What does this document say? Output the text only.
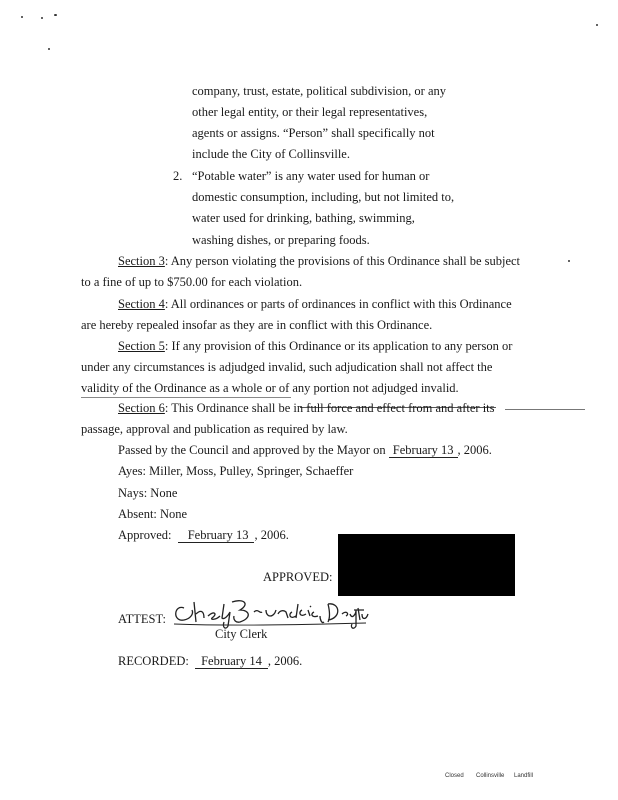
company, trust, estate, political subdivision, or any
other legal entity, or their legal representatives,
agents or assigns. “Person” shall specifically not
include the City of Collinsville.
2. “Potable water” is any water used for human or
domestic consumption, including, but not limited to,
water used for drinking, bathing, swimming,
washing dishes, or preparing foods.
Section 3: Any person violating the provisions of this Ordinance shall be subject
to a fine of up to $750.00 for each violation.
Section 4: All ordinances or parts of ordinances in conflict with this Ordinance
are hereby repealed insofar as they are in conflict with this Ordinance.
Section 5: If any provision of this Ordinance or its application to any person or
under any circumstances is adjudged invalid, such adjudication shall not affect the
validity of the Ordinance as a whole or of any portion not adjudged invalid.
Section 6: This Ordinance shall be in full force and effect from and after its
passage, approval and publication as required by law.
Passed by the Council and approved by the Mayor on February 13 , 2006.
Ayes: Miller, Moss, Pulley, Springer, Schaeffer
Nays: None
Absent: None
Approved: February 13 , 2006.
APPROVED:
ATTEST:
City Clerk
RECORDED: February 14 , 2006.
Closed Collinsville Landfill
